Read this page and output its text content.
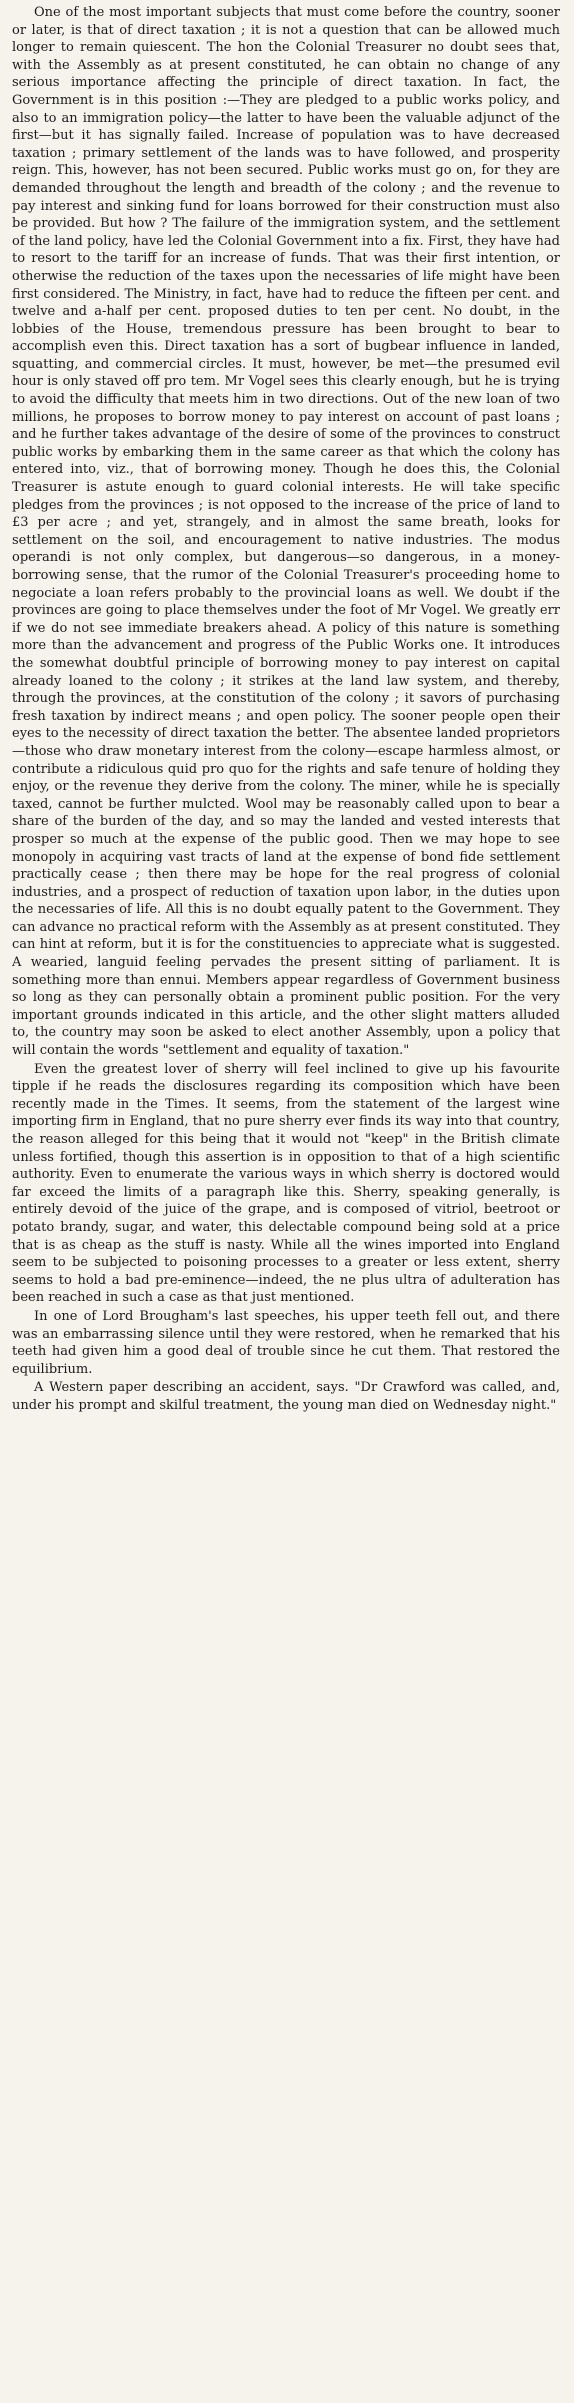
One of the most important subjects that must come before the country, sooner or later, is that of direct taxation ; it is not a question that can be allowed much longer to remain quiescent. The hon the Colonial Treasurer no doubt sees that, with the Assembly as at present constituted, he can obtain no change of any serious importance affecting the principle of direct taxation. In fact, the Government is in this position :—They are pledged to a public works policy, and also to an immigration policy—the latter to have been the valuable adjunct of the first—but it has signally failed. Increase of population was to have decreased taxation ; primary settlement of the lands was to have followed, and prosperity reign. This, however, has not been secured. Public works must go on, for they are demanded throughout the length and breadth of the colony ; and the revenue to pay interest and sinking fund for loans borrowed for their construction must also be provided. But how ? The failure of the immigration system, and the settlement of the land policy, have led the Colonial Government into a fix. First, they have had to resort to the tariff for an increase of funds. That was their first intention, or otherwise the reduction of the taxes upon the necessaries of life might have been first considered. The Ministry, in fact, have had to reduce the fifteen per cent. and twelve and a-half per cent. proposed duties to ten per cent. No doubt, in the lobbies of the House, tremendous pressure has been brought to bear to accomplish even this. Direct taxation has a sort of bugbear influence in landed, squatting, and commercial circles. It must, however, be met—the presumed evil hour is only staved off pro tem. Mr Vogel sees this clearly enough, but he is trying to avoid the difficulty that meets him in two directions. Out of the new loan of two millions, he proposes to borrow money to pay interest on account of past loans ; and he further takes advantage of the desire of some of the provinces to construct public works by embarking them in the same career as that which the colony has entered into, viz., that of borrowing money. Though he does this, the Colonial Treasurer is astute enough to guard colonial interests. He will take specific pledges from the provinces ; is not opposed to the increase of the price of land to £3 per acre ; and yet, strangely, and in almost the same breath, looks for settlement on the soil, and encouragement to native industries. The modus operandi is not only complex, but dangerous—so dangerous, in a money-borrowing sense, that the rumor of the Colonial Treasurer's proceeding home to negociate a loan refers probably to the provincial loans as well. We doubt if the provinces are going to place themselves under the foot of Mr Vogel. We greatly err if we do not see immediate breakers ahead. A policy of this nature is something more than the advancement and progress of the Public Works one. It introduces the somewhat doubtful principle of borrowing money to pay interest on capital already loaned to the colony ; it strikes at the land law system, and thereby, through the provinces, at the constitution of the colony ; it savors of purchasing fresh taxation by indirect means ; and open policy. The sooner people open their eyes to the necessity of direct taxation the better. The absentee landed proprietors—those who draw monetary interest from the colony—escape harmless almost, or contribute a ridiculous quid pro quo for the rights and safe tenure of holding they enjoy, or the revenue they derive from the colony. The miner, while he is specially taxed, cannot be further mulcted. Wool may be reasonably called upon to bear a share of the burden of the day, and so may the landed and vested interests that prosper so much at the expense of the public good. Then we may hope to see monopoly in acquiring vast tracts of land at the expense of bond fide settlement practically cease ; then there may be hope for the real progress of colonial industries, and a prospect of reduction of taxation upon labor, in the duties upon the necessaries of life. All this is no doubt equally patent to the Government. They can advance no practical reform with the Assembly as at present constituted. They can hint at reform, but it is for the constituencies to appreciate what is suggested. A wearied, languid feeling pervades the present sitting of parliament. It is something more than ennui. Members appear regardless of Government business so long as they can personally obtain a prominent public position. For the very important grounds indicated in this article, and the other slight matters alluded to, the country may soon be asked to elect another Assembly, upon a policy that will contain the words "settlement and equality of taxation."

Even the greatest lover of sherry will feel inclined to give up his favourite tipple if he reads the disclosures regarding its composition which have been recently made in the Times. It seems, from the statement of the largest wine importing firm in England, that no pure sherry ever finds its way into that country, the reason alleged for this being that it would not "keep" in the British climate unless fortified, though this assertion is in opposition to that of a high scientific authority. Even to enumerate the various ways in which sherry is doctored would far exceed the limits of a paragraph like this. Sherry, speaking generally, is entirely devoid of the juice of the grape, and is composed of vitriol, beetroot or potato brandy, sugar, and water, this delectable compound being sold at a price that is as cheap as the stuff is nasty. While all the wines imported into England seem to be subjected to poisoning processes to a greater or less extent, sherry seems to hold a bad pre-eminence—indeed, the ne plus ultra of adulteration has been reached in such a case as that just mentioned.

In one of Lord Brougham's last speeches, his upper teeth fell out, and there was an embarrassing silence until they were restored, when he remarked that his teeth had given him a good deal of trouble since he cut them. That restored the equilibrium.

A Western paper describing an accident, says. "Dr Crawford was called, and, under his prompt and skilful treatment, the young man died on Wednesday night."
